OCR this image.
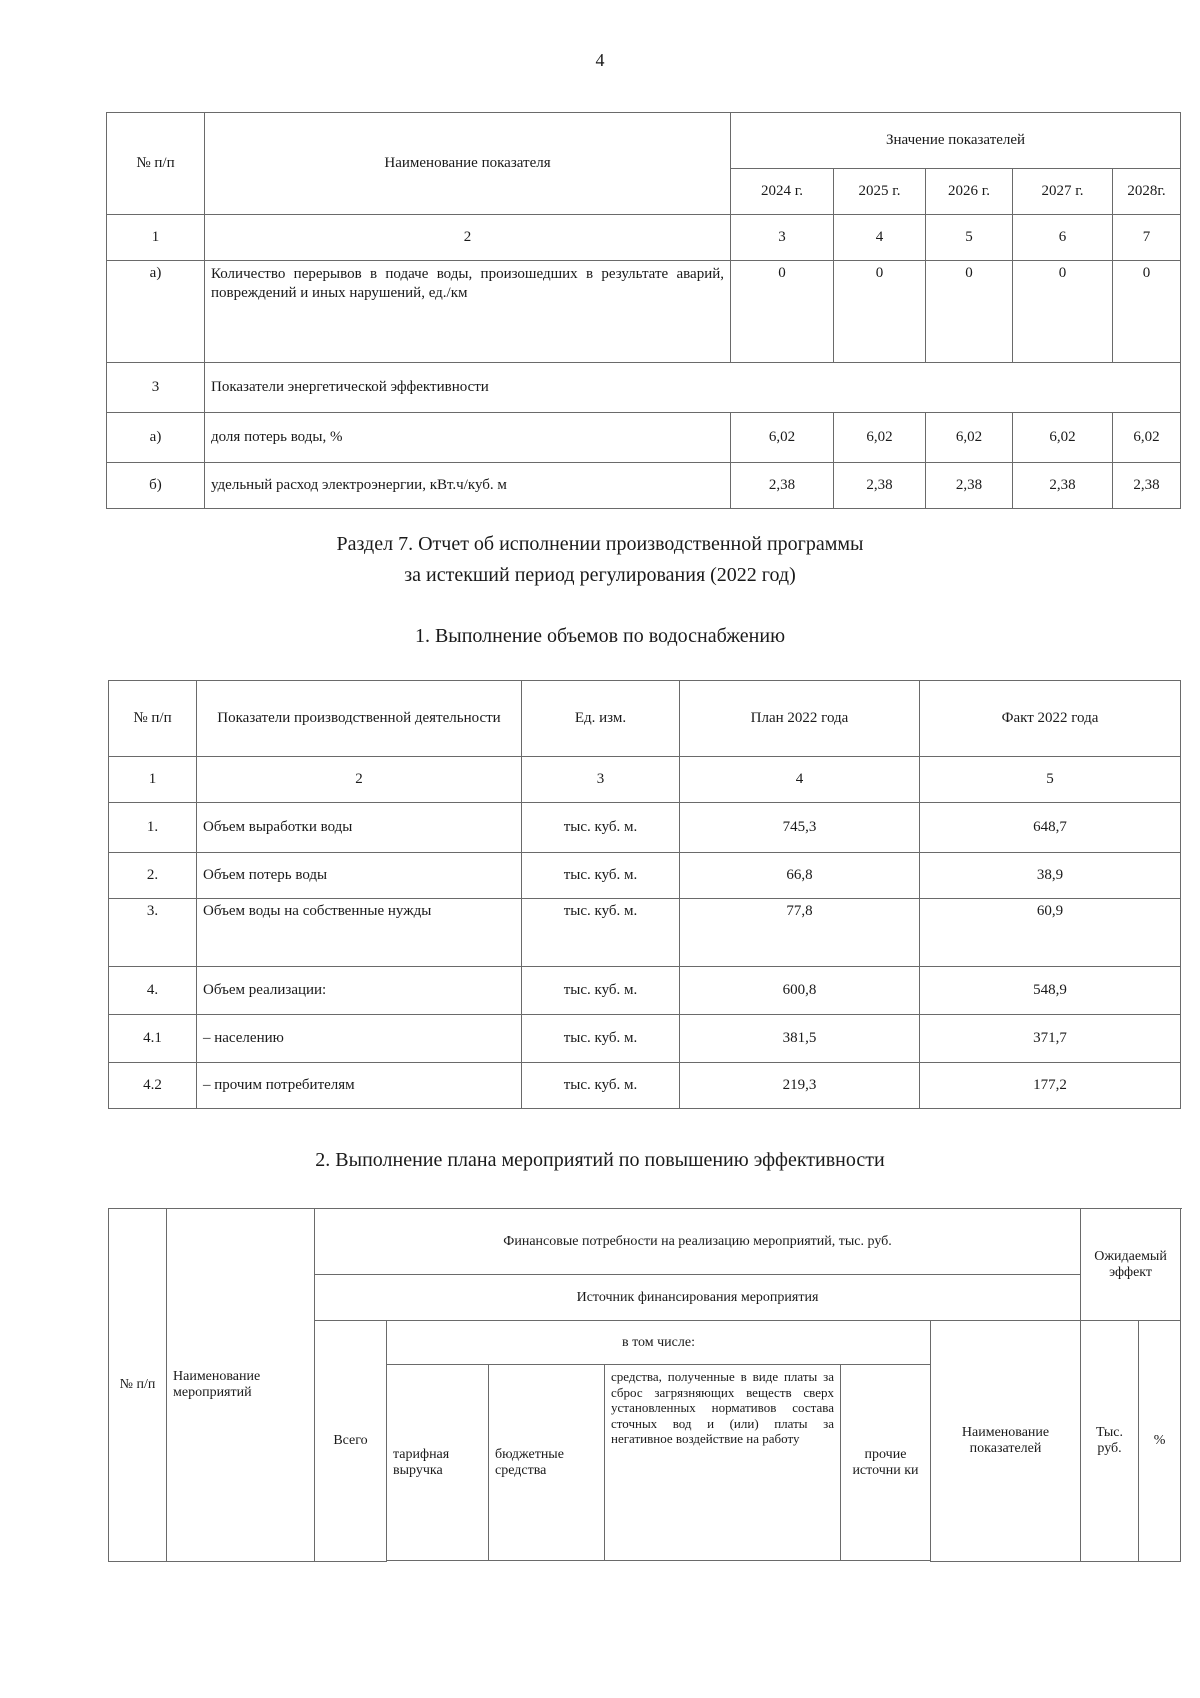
4
№ п/п	Наименование показателя	Значение показателей				
		2024 г.	2025 г.	2026 г.	2027 г.	2028г.
1	2	3	4	5	6	7
а)	Количество перерывов в подаче воды, произошедших в результате аварий, повреждений и иных нарушений, ед./км	0	0	0	0	0
3	Показатели энергетической эффективности					
а)	доля потерь воды, %	6,02	6,02	6,02	6,02	6,02
б)	удельный расход электроэнергии, кВт.ч/куб. м	2,38	2,38	2,38	2,38	2,38
Раздел 7. Отчет об исполнении производственной программы
за истекший период регулирования (2022 год)
1. Выполнение объемов по водоснабжению
№ п/п	Показатели производственной деятельности	Ед. изм.	План 2022 года	Факт 2022 года
1	2	3	4	5
1.	Объем выработки воды	тыс. куб. м.	745,3	648,7
2.	Объем потерь воды	тыс. куб. м.	66,8	38,9
3.	Объем воды на собственные нужды	тыс. куб. м.	77,8	60,9
4.	Объем реализации:	тыс. куб. м.	600,8	548,9
4.1	– населению	тыс. куб. м.	381,5	371,7
4.2	– прочим потребителям	тыс. куб. м.	219,3	177,2
2. Выполнение плана мероприятий по повышению эффективности
№ п/п	Наименование мероприятий	Финансовые потребности на реализацию мероприятий, тыс. руб.						Ожидаемый эффект	
		Источник финансирования мероприятия							
		Всего	в том числе:				Наименование показателей	Тыс. руб.	%
			тарифная выручка	бюджетные средства	средства, полученные в виде платы за сброс загрязняющих веществ сверх установленных нормативов состава сточных вод и (или) платы за негативное воздействие на работу	прочие источни ки			
